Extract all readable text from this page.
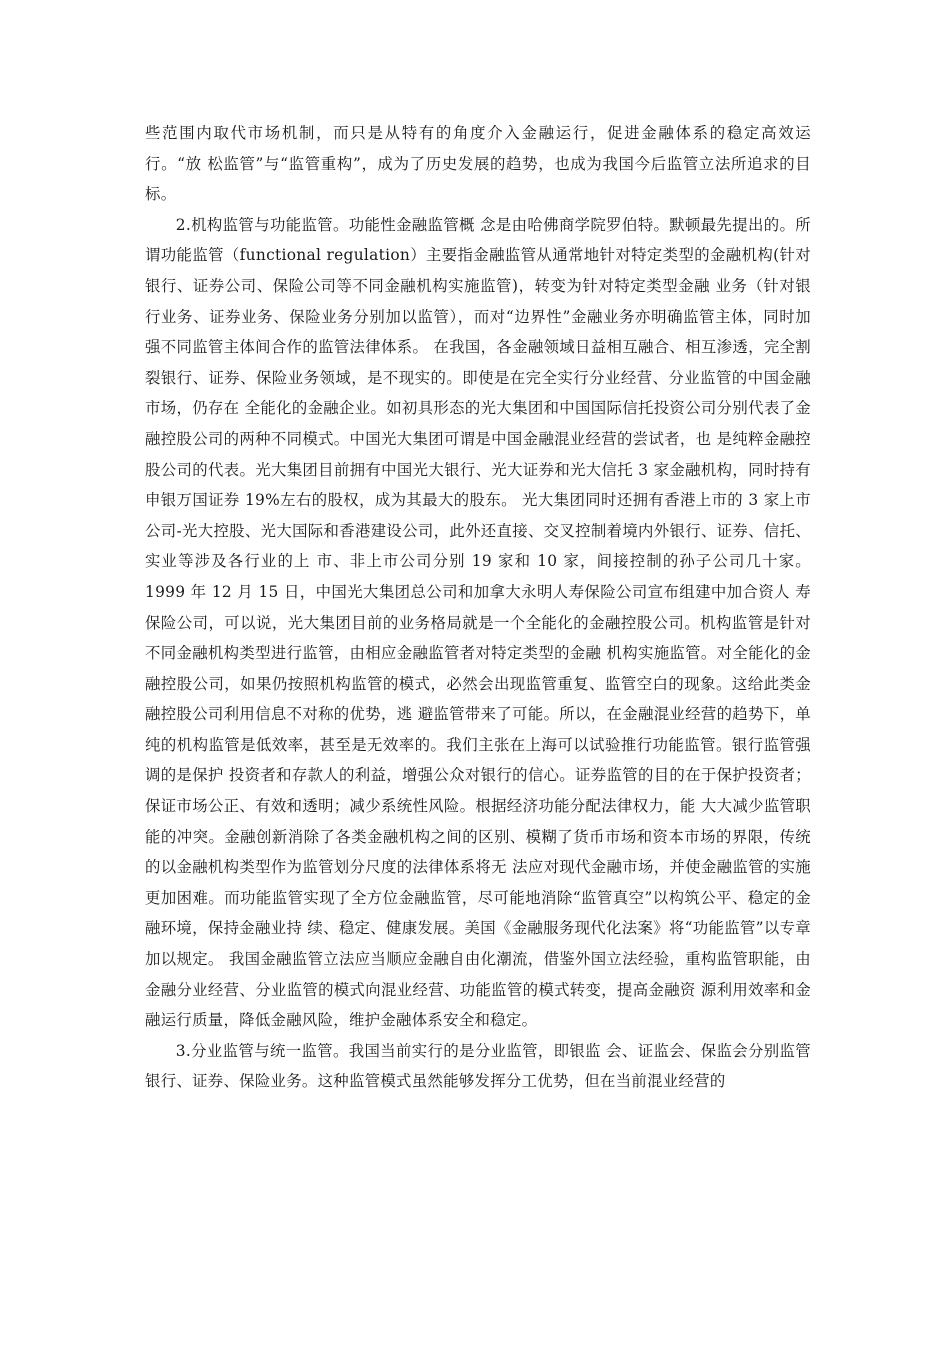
些范围内取代市场机制，而只是从特有的角度介入金融运行，促进金融体系的稳定高效运行。“放 松监管”与“监管重构”，成为了历史发展的趋势，也成为我国今后监管立法所追求的目标。

2.机构监管与功能监管。功能性金融监管概 念是由哈佛商学院罗伯特。默顿最先提出的。所谓功能监管（functional regulation）主要指金融监管从通常地针对特定类型的金融机构(针对银行、证券公司、保险公司等不同金融机构实施监管)，转变为针对特定类型金融 业务（针对银行业务、证券业务、保险业务分别加以监管），而对“边界性”金融业务亦明确监管主体，同时加强不同监管主体间合作的监管法律体系。 在我国，各金融领域日益相互融合、相互渗透，完全割裂银行、证券、保险业务领域，是不现实的。即使是在完全实行分业经营、分业监管的中国金融市场，仍存在 全能化的金融企业。如初具形态的光大集团和中国国际信托投资公司分别代表了金融控股公司的两种不同模式。中国光大集团可谓是中国金融混业经营的尝试者，也 是纯粹金融控股公司的代表。光大集团目前拥有中国光大银行、光大证券和光大信托 3 家金融机构，同时持有申银万国证券 19%左右的股权，成为其最大的股东。 光大集团同时还拥有香港上市的 3 家上市公司-光大控股、光大国际和香港建设公司，此外还直接、交叉控制着境内外银行、证券、信托、实业等涉及各行业的上 市、非上市公司分别 19 家和 10 家，间接控制的孙子公司几十家。1999 年 12 月 15 日，中国光大集团总公司和加拿大永明人寿保险公司宣布组建中加合资人 寿保险公司，可以说，光大集团目前的业务格局就是一个全能化的金融控股公司。机构监管是针对不同金融机构类型进行监管，由相应金融监管者对特定类型的金融 机构实施监管。对全能化的金融控股公司，如果仍按照机构监管的模式，必然会出现监管重复、监管空白的现象。这给此类金融控股公司利用信息不对称的优势，逃 避监管带来了可能。所以，在金融混业经营的趋势下，单纯的机构监管是低效率，甚至是无效率的。我们主张在上海可以试验推行功能监管。银行监管强调的是保护 投资者和存款人的利益，增强公众对银行的信心。证券监管的目的在于保护投资者；保证市场公正、有效和透明；减少系统性风险。根据经济功能分配法律权力，能 大大减少监管职能的冲突。金融创新消除了各类金融机构之间的区别、模糊了货币市场和资本市场的界限，传统的以金融机构类型作为监管划分尺度的法律体系将无 法应对现代金融市场，并使金融监管的实施更加困难。而功能监管实现了全方位金融监管，尽可能地消除“监管真空”以构筑公平、稳定的金融环境，保持金融业持 续、稳定、健康发展。美国《金融服务现代化法案》将“功能监管”以专章加以规定。 我国金融监管立法应当顺应金融自由化潮流，借鉴外国立法经验，重构监管职能，由金融分业经营、分业监管的模式向混业经营、功能监管的模式转变，提高金融资 源利用效率和金融运行质量，降低金融风险，维护金融体系安全和稳定。

3.分业监管与统一监管。我国当前实行的是分业监管，即银监 会、证监会、保监会分别监管银行、证券、保险业务。这种监管模式虽然能够发挥分工优势，但在当前混业经营的
